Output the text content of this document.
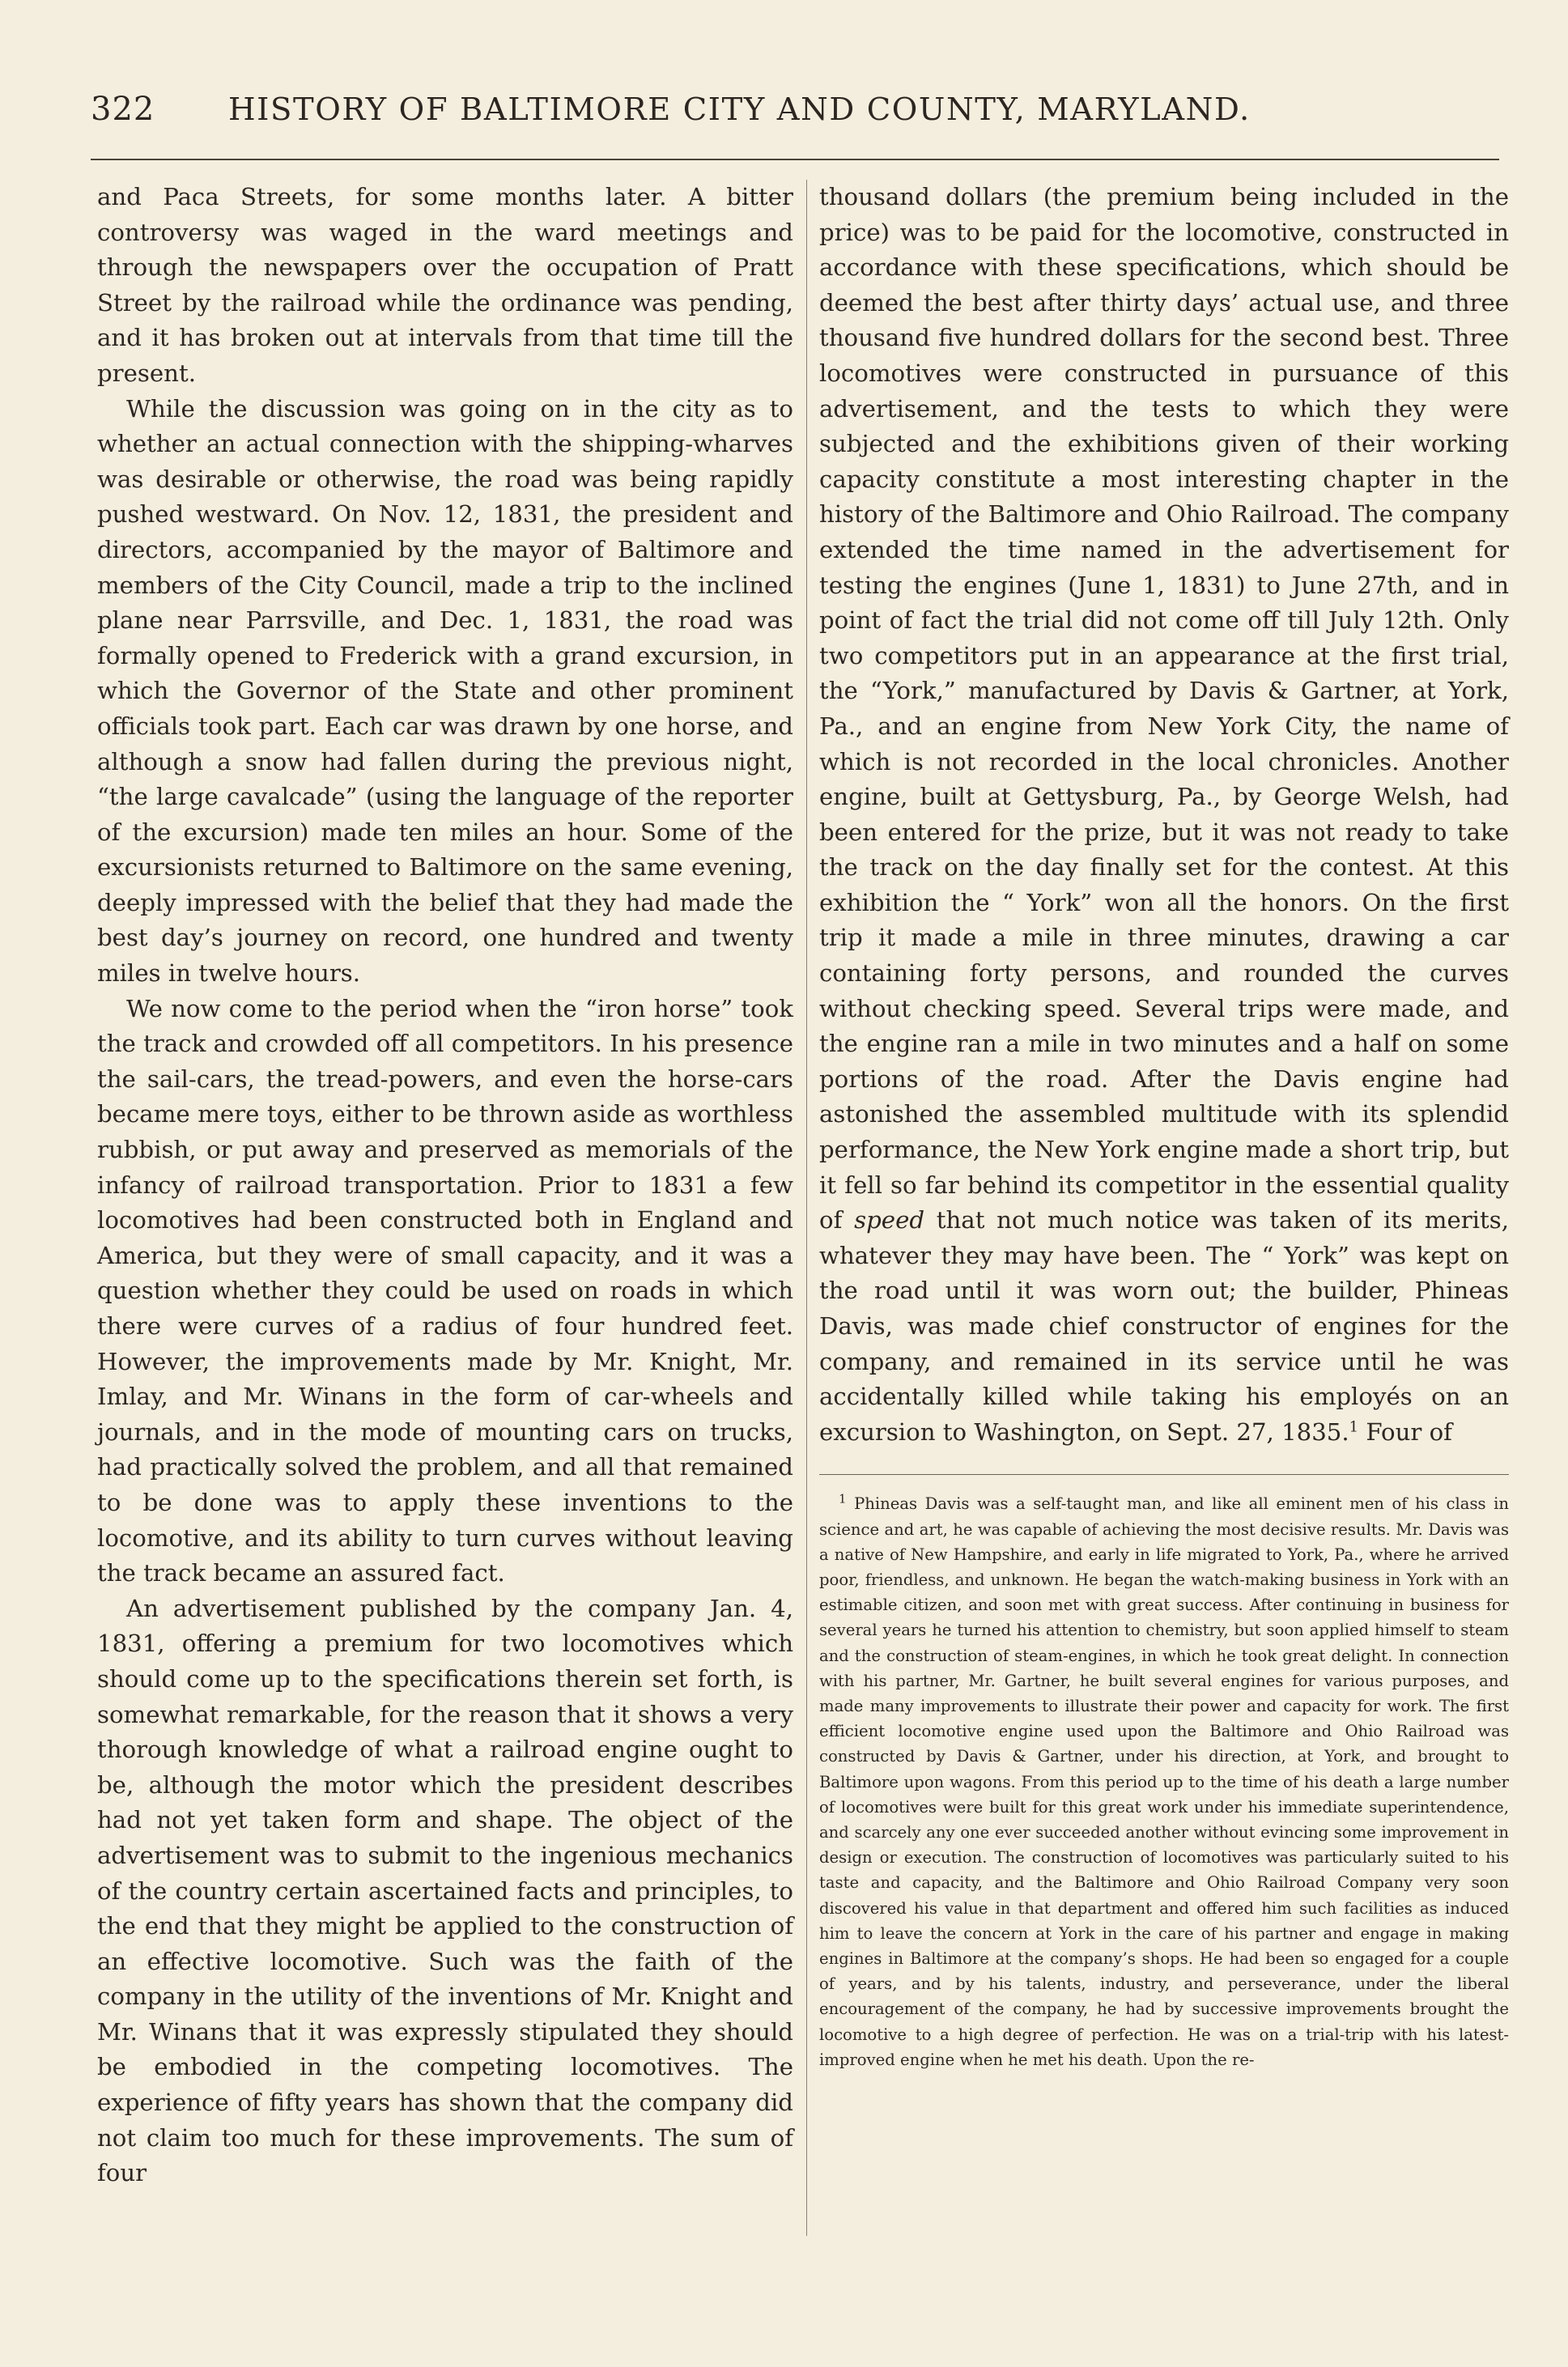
322	HISTORY OF BALTIMORE CITY AND COUNTY, MARYLAND.

and Paca Streets, for some months later. A bitter controversy was waged in the ward meetings and through the newspapers over the occupation of Pratt Street by the railroad while the ordinance was pending, and it has broken out at intervals from that time till the present.

While the discussion was going on in the city as to whether an actual connection with the shipping-wharves was desirable or otherwise, the road was being rapidly pushed westward. On Nov. 12, 1831, the president and directors, accompanied by the mayor of Baltimore and members of the City Council, made a trip to the inclined plane near Parrsville, and Dec. 1, 1831, the road was formally opened to Frederick with a grand excursion, in which the Governor of the State and other prominent officials took part. Each car was drawn by one horse, and although a snow had fallen during the previous night, “the large cavalcade” (using the language of the reporter of the excursion) made ten miles an hour. Some of the excursionists returned to Baltimore on the same evening, deeply impressed with the belief that they had made the best day’s journey on record, one hundred and twenty miles in twelve hours.

We now come to the period when the “iron horse” took the track and crowded off all competitors. In his presence the sail-cars, the tread-powers, and even the horse-cars became mere toys, either to be thrown aside as worthless rubbish, or put away and preserved as memorials of the infancy of railroad transportation. Prior to 1831 a few locomotives had been constructed both in England and America, but they were of small capacity, and it was a question whether they could be used on roads in which there were curves of a radius of four hundred feet. However, the improvements made by Mr. Knight, Mr. Imlay, and Mr. Winans in the form of car-wheels and journals, and in the mode of mounting cars on trucks, had practically solved the problem, and all that remained to be done was to apply these inventions to the locomotive, and its ability to turn curves without leaving the track became an assured fact.

An advertisement published by the company Jan. 4, 1831, offering a premium for two locomotives which should come up to the specifications therein set forth, is somewhat remarkable, for the reason that it shows a very thorough knowledge of what a railroad engine ought to be, although the motor which the president describes had not yet taken form and shape. The object of the advertisement was to submit to the ingenious mechanics of the country certain ascertained facts and principles, to the end that they might be applied to the construction of an effective locomotive. Such was the faith of the company in the utility of the inventions of Mr. Knight and Mr. Winans that it was expressly stipulated they should be embodied in the competing locomotives. The experience of fifty years has shown that the company did not claim too much for these improvements. The sum of four

thousand dollars (the premium being included in the price) was to be paid for the locomotive, constructed in accordance with these specifications, which should be deemed the best after thirty days’ actual use, and three thousand five hundred dollars for the second best. Three locomotives were constructed in pursuance of this advertisement, and the tests to which they were subjected and the exhibitions given of their working capacity constitute a most interesting chapter in the history of the Baltimore and Ohio Railroad. The company extended the time named in the advertisement for testing the engines (June 1, 1831) to June 27th, and in point of fact the trial did not come off till July 12th. Only two competitors put in an appearance at the first trial, the “York,” manufactured by Davis & Gartner, at York, Pa., and an engine from New York City, the name of which is not recorded in the local chronicles. Another engine, built at Gettysburg, Pa., by George Welsh, had been entered for the prize, but it was not ready to take the track on the day finally set for the contest. At this exhibition the “ York” won all the honors. On the first trip it made a mile in three minutes, drawing a car containing forty persons, and rounded the curves without checking speed. Several trips were made, and the engine ran a mile in two minutes and a half on some portions of the road. After the Davis engine had astonished the assembled multitude with its splendid performance, the New York engine made a short trip, but it fell so far behind its competitor in the essential quality of speed that not much notice was taken of its merits, whatever they may have been. The “ York” was kept on the road until it was worn out; the builder, Phineas Davis, was made chief constructor of engines for the company, and remained in its service until he was accidentally killed while taking his employés on an excursion to Washington, on Sept. 27, 1835.$^1$ Four of

$^1$ Phineas Davis was a self-taught man, and like all eminent men of his class in science and art, he was capable of achieving the most decisive results. Mr. Davis was a native of New Hampshire, and early in life migrated to York, Pa., where he arrived poor, friendless, and unknown. He began the watch-making business in York with an estimable citizen, and soon met with great success. After continuing in business for several years he turned his attention to chemistry, but soon applied himself to steam and the construction of steam-engines, in which he took great delight. In connection with his partner, Mr. Gartner, he built several engines for various purposes, and made many improvements to illustrate their power and capacity for work. The first efficient locomotive engine used upon the Baltimore and Ohio Railroad was constructed by Davis & Gartner, under his direction, at York, and brought to Baltimore upon wagons. From this period up to the time of his death a large number of locomotives were built for this great work under his immediate superintendence, and scarcely any one ever succeeded another without evincing some improvement in design or execution. The construction of locomotives was particularly suited to his taste and capacity, and the Baltimore and Ohio Railroad Company very soon discovered his value in that department and offered him such facilities as induced him to leave the concern at York in the care of his partner and engage in making engines in Baltimore at the company’s shops. He had been so engaged for a couple of years, and by his talents, industry, and perseverance, under the liberal encouragement of the company, he had by successive improvements brought the locomotive to a high degree of perfection. He was on a trial-trip with his latest-improved engine when he met his death. Upon the re-
